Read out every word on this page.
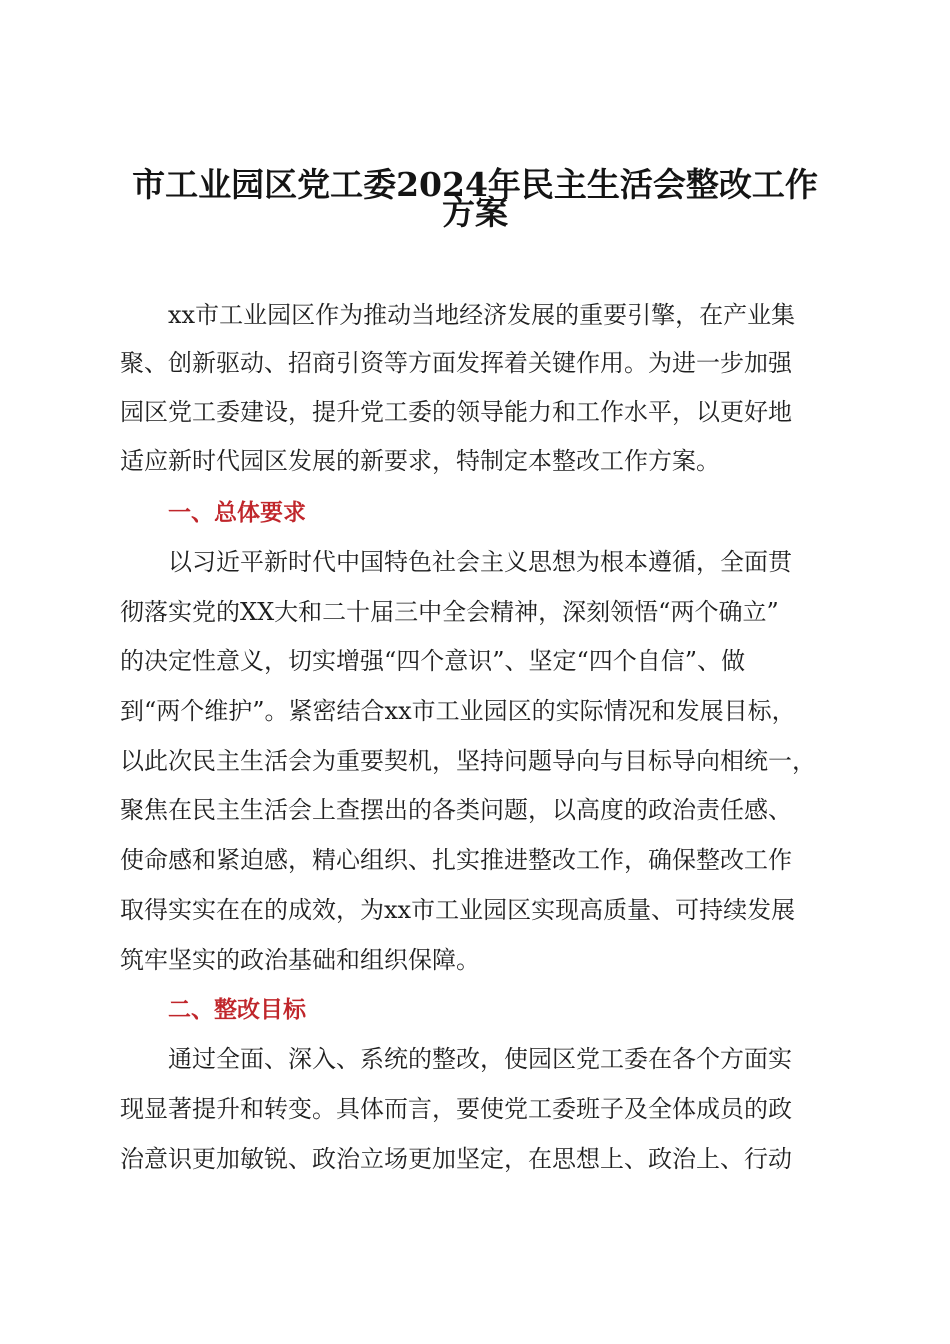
市工业园区党工委2024年民主生活会整改工作
方案

xx市工业园区作为推动当地经济发展的重要引擎，在产业集

聚、创新驱动、招商引资等方面发挥着关键作用。为进一步加强

园区党工委建设，提升党工委的领导能力和工作水平，以更好地

适应新时代园区发展的新要求，特制定本整改工作方案。

一、总体要求

以习近平新时代中国特色社会主义思想为根本遵循，全面贯

彻落实党的XX大和二十届三中全会精神，深刻领悟“两个确立”

的决定性意义，切实增强“四个意识”、坚定“四个自信”、做

到“两个维护”。紧密结合xx市工业园区的实际情况和发展目标，

以此次民主生活会为重要契机，坚持问题导向与目标导向相统一，

聚焦在民主生活会上查摆出的各类问题，以高度的政治责任感、

使命感和紧迫感，精心组织、扎实推进整改工作，确保整改工作

取得实实在在的成效，为xx市工业园区实现高质量、可持续发展

筑牢坚实的政治基础和组织保障。

二、整改目标

通过全面、深入、系统的整改，使园区党工委在各个方面实

现显著提升和转变。具体而言，要使党工委班子及全体成员的政

治意识更加敏锐、政治立场更加坚定，在思想上、政治上、行动
